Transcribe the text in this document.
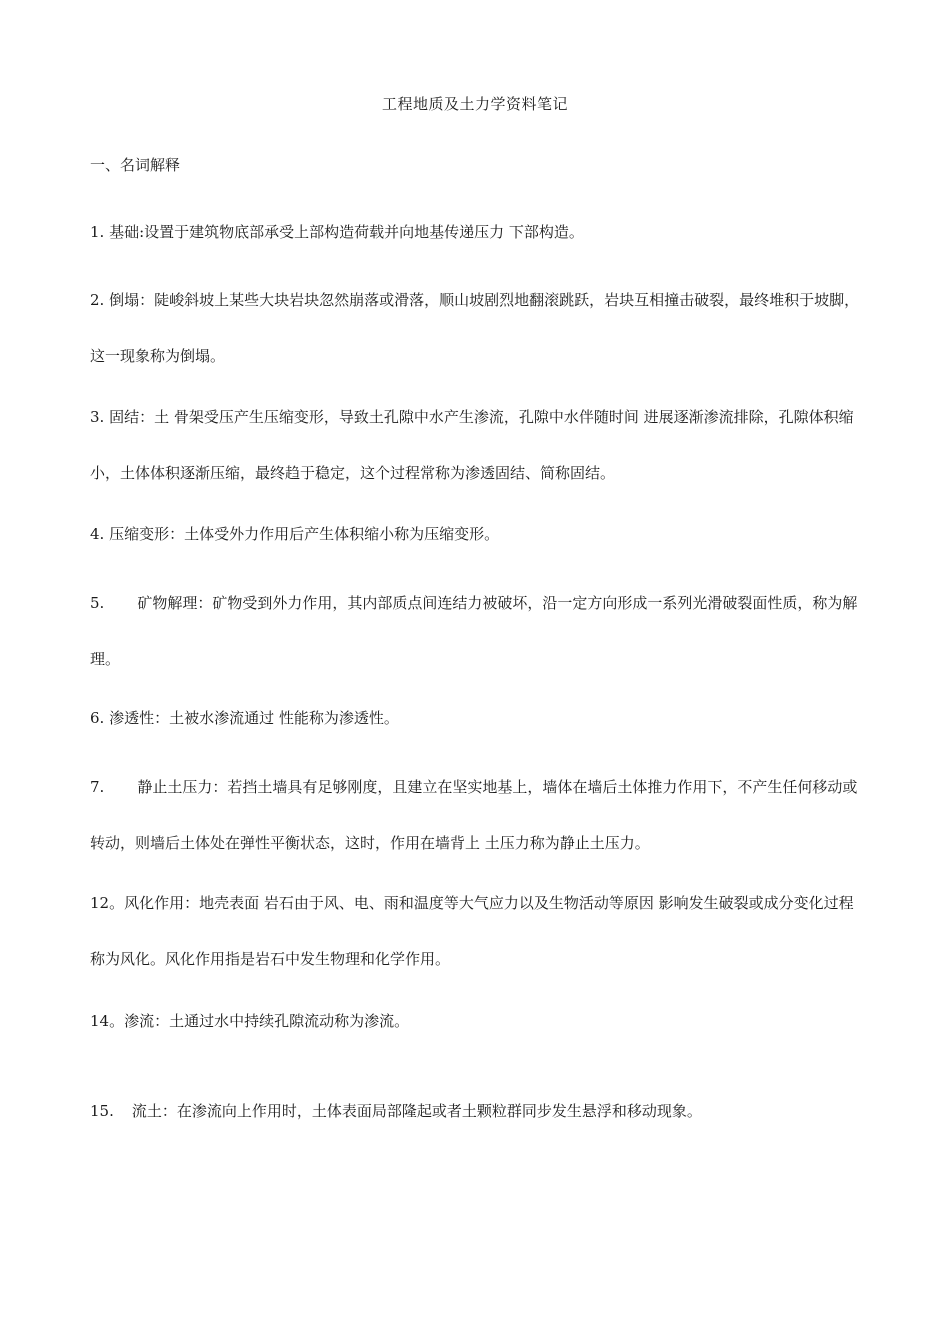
工程地质及土力学资料笔记
一、名词解释

1. 基础:设置于建筑物底部承受上部构造荷载并向地基传递压力 下部构造。

2. 倒塌：陡峻斜坡上某些大块岩块忽然崩落或滑落，顺山坡剧烈地翻滚跳跃，岩块互相撞击破裂，最终堆积于坡脚，这一现象称为倒塌。

3. 固结：土 骨架受压产生压缩变形，导致土孔隙中水产生渗流，孔隙中水伴随时间 进展逐渐渗流排除，孔隙体积缩小，土体体积逐渐压缩，最终趋于稳定，这个过程常称为渗透固结、简称固结。

4. 压缩变形：土体受外力作用后产生体积缩小称为压缩变形。

5. 矿物解理：矿物受到外力作用，其内部质点间连结力被破坏，沿一定方向形成一系列光滑破裂面性质，称为解理。

6. 渗透性：土被水渗流通过 性能称为渗透性。

7. 静止土压力：若挡土墙具有足够刚度，且建立在坚实地基上，墙体在墙后土体推力作用下，不产生任何移动或转动，则墙后土体处在弹性平衡状态，这时，作用在墙背上 土压力称为静止土压力。

12。风化作用：地壳表面 岩石由于风、电、雨和温度等大气应力以及生物活动等原因 影响发生破裂或成分变化过程称为风化。风化作用指是岩石中发生物理和化学作用。

14。渗流：土通过水中持续孔隙流动称为渗流。

15. 流土：在渗流向上作用时，土体表面局部隆起或者土颗粒群同步发生悬浮和移动现象。
